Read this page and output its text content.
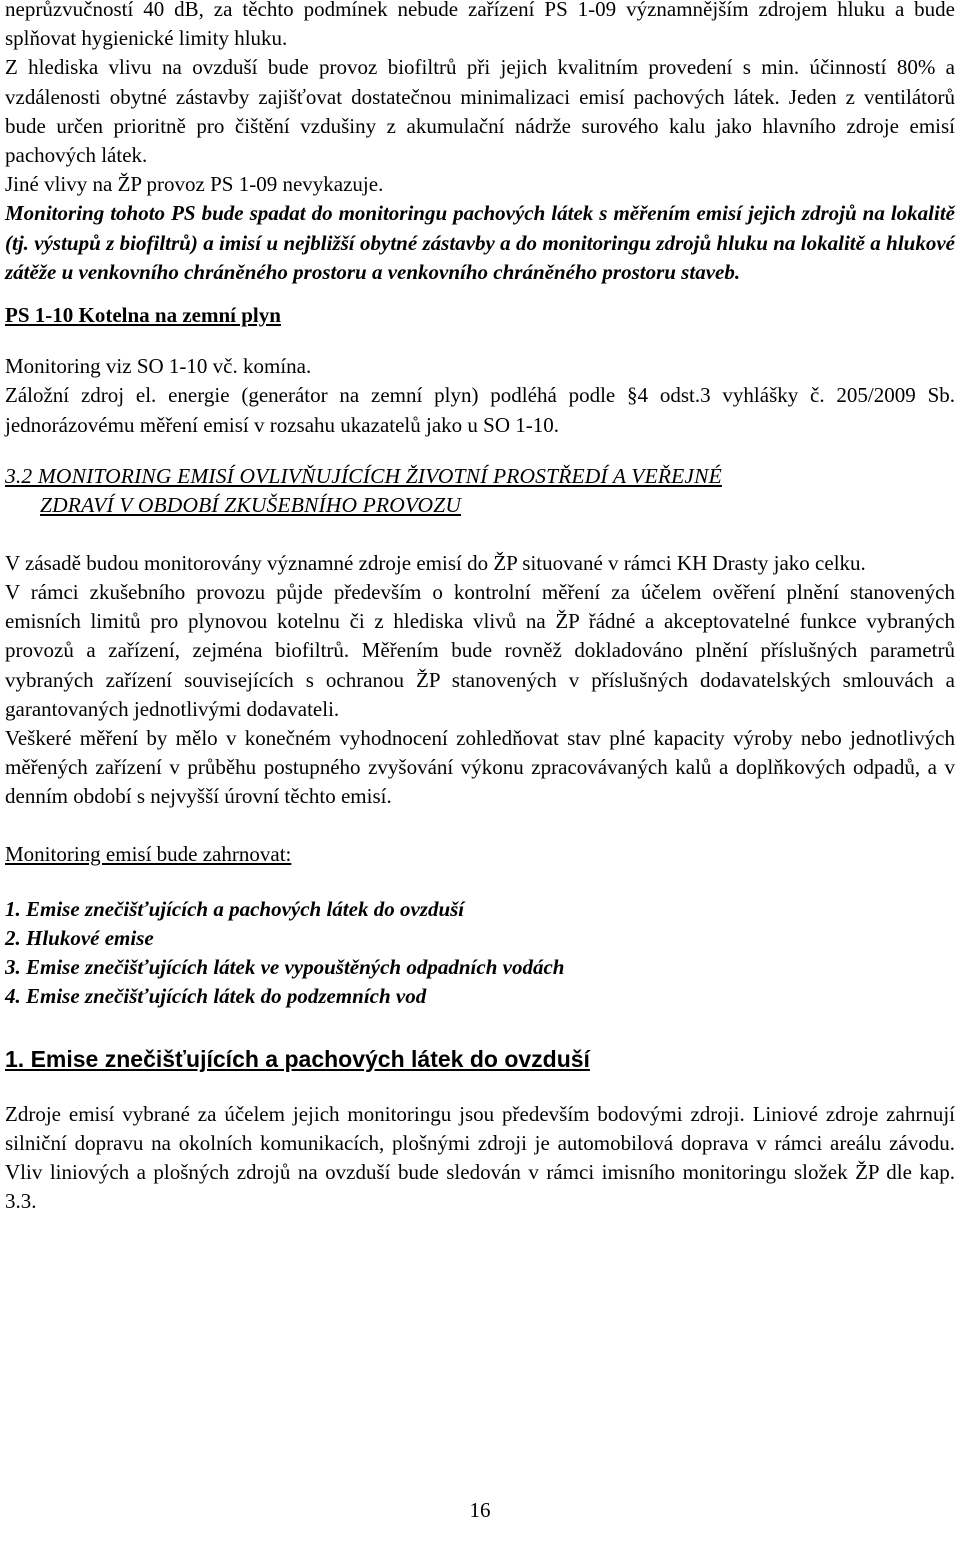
neprůzvučností 40 dB, za těchto podmínek nebude zařízení PS 1-09 významnějším zdrojem hluku a bude splňovat hygienické limity hluku.

Z hlediska vlivu na ovzduší bude provoz biofiltrů při jejich kvalitním provedení s min. účinností 80% a vzdálenosti obytné zástavby zajišťovat dostatečnou minimalizaci emisí pachových látek. Jeden z ventilátorů bude určen prioritně pro čištění vzdušiny z akumulační nádrže surového kalu jako hlavního zdroje emisí pachových látek.

Jiné vlivy na ŽP provoz PS 1-09 nevykazuje.

Monitoring tohoto PS bude spadat do monitoringu pachových látek s měřením emisí jejich zdrojů na lokalitě (tj. výstupů z biofiltrů) a imisí u nejbližší obytné zástavby a do monitoringu zdrojů hluku na lokalitě a hlukové zátěže u venkovního chráněného prostoru a venkovního chráněného prostoru staveb.

PS 1-10 Kotelna na zemní plyn

Monitoring viz SO 1-10 vč. komína.

Záložní zdroj el. energie (generátor na zemní plyn) podléhá podle §4 odst.3 vyhlášky č. 205/2009 Sb. jednorázovému měření emisí v rozsahu ukazatelů jako u SO 1-10.

3.2 MONITORING EMISÍ OVLIVŇUJÍCÍCH ŽIVOTNÍ PROSTŘEDÍ A VEŘEJNÉ
ZDRAVÍ V OBDOBÍ ZKUŠEBNÍHO PROVOZU

V zásadě budou monitorovány významné zdroje emisí do ŽP situované v rámci KH Drasty jako celku.

V rámci zkušebního provozu půjde především o kontrolní měření za účelem ověření plnění stanovených emisních limitů pro plynovou kotelnu či z hlediska vlivů na ŽP řádné a akceptovatelné funkce vybraných provozů a zařízení, zejména biofiltrů. Měřením bude rovněž dokladováno plnění příslušných parametrů vybraných zařízení souvisejících s ochranou ŽP stanovených v příslušných dodavatelských smlouvách a garantovaných jednotlivými dodavateli.

Veškeré měření by mělo v konečném vyhodnocení zohledňovat stav plné kapacity výroby nebo jednotlivých měřených zařízení v průběhu postupného zvyšování výkonu zpracovávaných kalů a doplňkových odpadů, a v denním období s nejvyšší úrovní těchto emisí.

Monitoring emisí bude zahrnovat:

1. Emise znečišťujících a pachových látek do ovzduší

2. Hlukové emise

3. Emise znečišťujících látek ve vypouštěných odpadních vodách

4. Emise znečišťujících látek do podzemních vod

1. Emise znečišťujících a pachových látek do ovzduší

Zdroje emisí vybrané za účelem jejich monitoringu jsou především bodovými zdroji. Liniové zdroje zahrnují silniční dopravu na okolních komunikacích, plošnými zdroji je automobilová doprava v rámci areálu závodu. Vliv liniových a plošných zdrojů na ovzduší bude sledován v rámci imisního monitoringu složek ŽP dle kap. 3.3.

16
